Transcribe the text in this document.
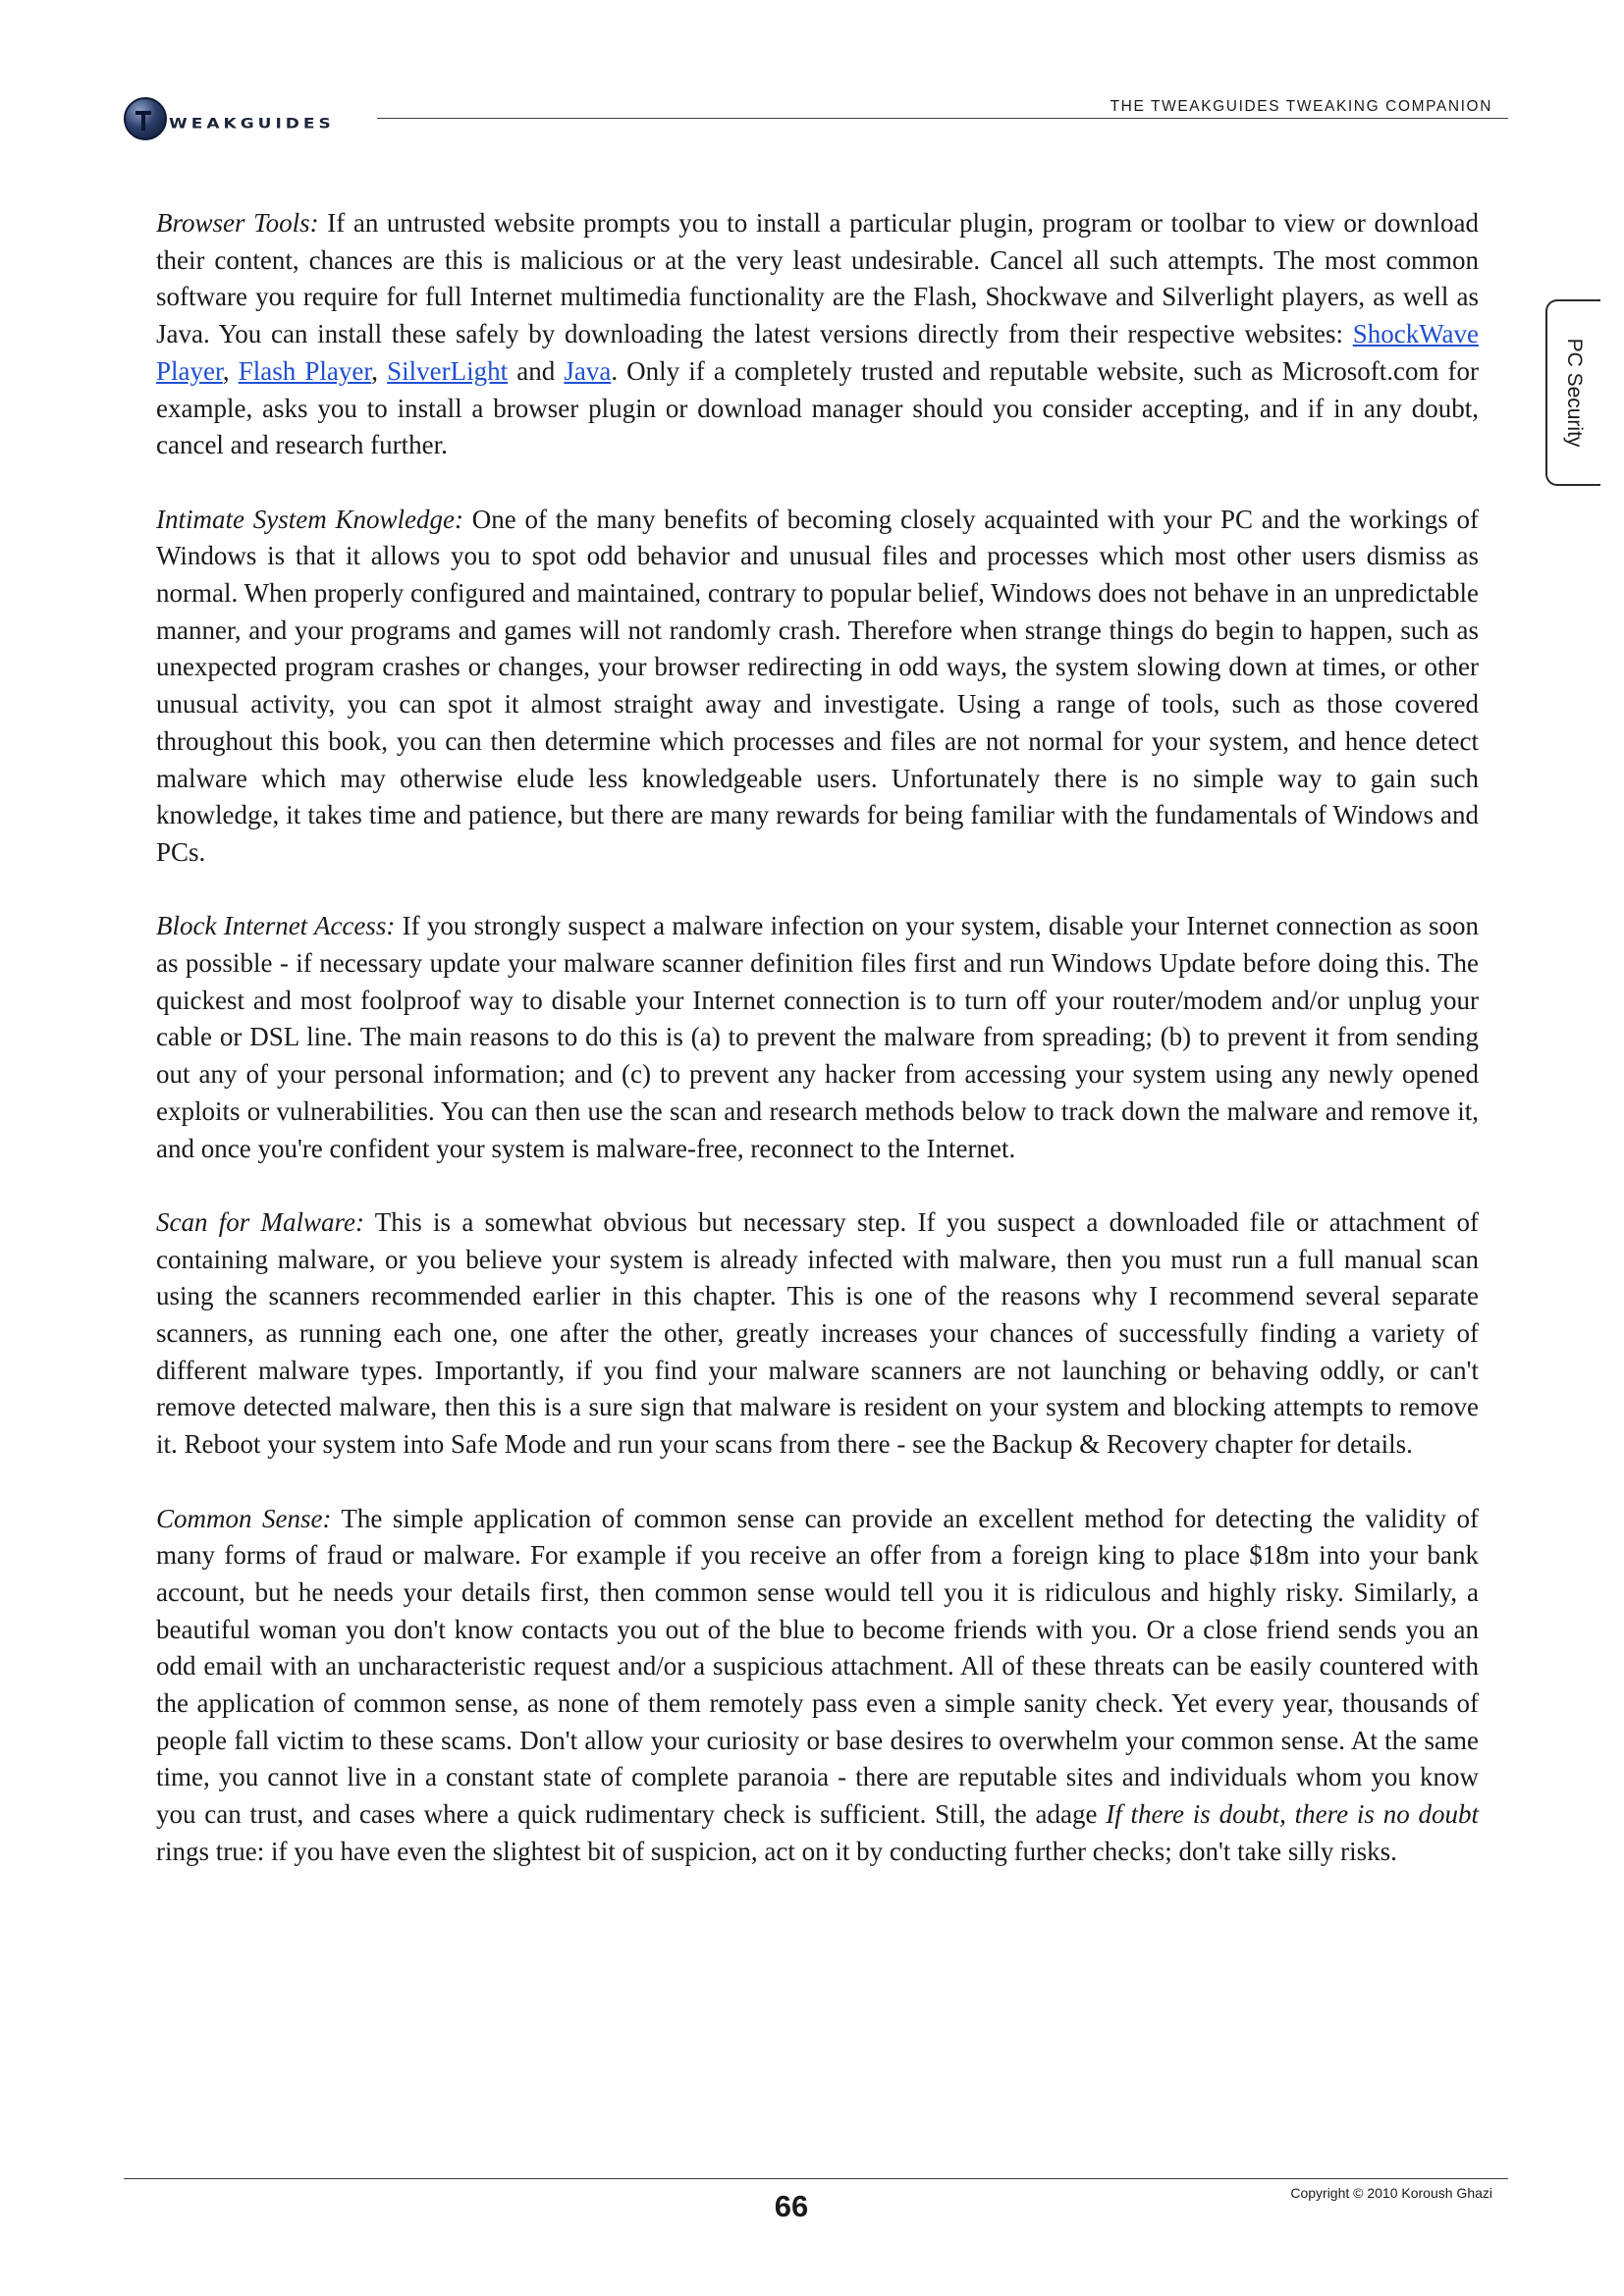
WEAKGUIDES
THE TWEAKGUIDES TWEAKING COMPANION
PC Security

Browser Tools: If an untrusted website prompts you to install a particular plugin, program or toolbar to view or download their content, chances are this is malicious or at the very least undesirable. Cancel all such attempts. The most common software you require for full Internet multimedia functionality are the Flash, Shockwave and Silverlight players, as well as Java. You can install these safely by downloading the latest versions directly from their respective websites: ShockWave Player, Flash Player, SilverLight and Java. Only if a completely trusted and reputable website, such as Microsoft.com for example, asks you to install a browser plugin or download manager should you consider accepting, and if in any doubt, cancel and research further.

Intimate System Knowledge: One of the many benefits of becoming closely acquainted with your PC and the workings of Windows is that it allows you to spot odd behavior and unusual files and processes which most other users dismiss as normal. When properly configured and maintained, contrary to popular belief, Windows does not behave in an unpredictable manner, and your programs and games will not randomly crash. Therefore when strange things do begin to happen, such as unexpected program crashes or changes, your browser redirecting in odd ways, the system slowing down at times, or other unusual activity, you can spot it almost straight away and investigate. Using a range of tools, such as those covered throughout this book, you can then determine which processes and files are not normal for your system, and hence detect malware which may otherwise elude less knowledgeable users. Unfortunately there is no simple way to gain such knowledge, it takes time and patience, but there are many rewards for being familiar with the fundamentals of Windows and PCs.

Block Internet Access: If you strongly suspect a malware infection on your system, disable your Internet connection as soon as possible - if necessary update your malware scanner definition files first and run Windows Update before doing this. The quickest and most foolproof way to disable your Internet connection is to turn off your router/modem and/or unplug your cable or DSL line. The main reasons to do this is (a) to prevent the malware from spreading; (b) to prevent it from sending out any of your personal information; and (c) to prevent any hacker from accessing your system using any newly opened exploits or vulnerabilities. You can then use the scan and research methods below to track down the malware and remove it, and once you're confident your system is malware-free, reconnect to the Internet.

Scan for Malware: This is a somewhat obvious but necessary step. If you suspect a downloaded file or attachment of containing malware, or you believe your system is already infected with malware, then you must run a full manual scan using the scanners recommended earlier in this chapter. This is one of the reasons why I recommend several separate scanners, as running each one, one after the other, greatly increases your chances of successfully finding a variety of different malware types. Importantly, if you find your malware scanners are not launching or behaving oddly, or can't remove detected malware, then this is a sure sign that malware is resident on your system and blocking attempts to remove it. Reboot your system into Safe Mode and run your scans from there - see the Backup & Recovery chapter for details.

Common Sense: The simple application of common sense can provide an excellent method for detecting the validity of many forms of fraud or malware. For example if you receive an offer from a foreign king to place $18m into your bank account, but he needs your details first, then common sense would tell you it is ridiculous and highly risky. Similarly, a beautiful woman you don't know contacts you out of the blue to become friends with you. Or a close friend sends you an odd email with an uncharacteristic request and/or a suspicious attachment. All of these threats can be easily countered with the application of common sense, as none of them remotely pass even a simple sanity check. Yet every year, thousands of people fall victim to these scams. Don't allow your curiosity or base desires to overwhelm your common sense. At the same time, you cannot live in a constant state of complete paranoia - there are reputable sites and individuals whom you know you can trust, and cases where a quick rudimentary check is sufficient. Still, the adage If there is doubt, there is no doubt rings true: if you have even the slightest bit of suspicion, act on it by conducting further checks; don't take silly risks.

66	Copyright © 2010 Koroush Ghazi
